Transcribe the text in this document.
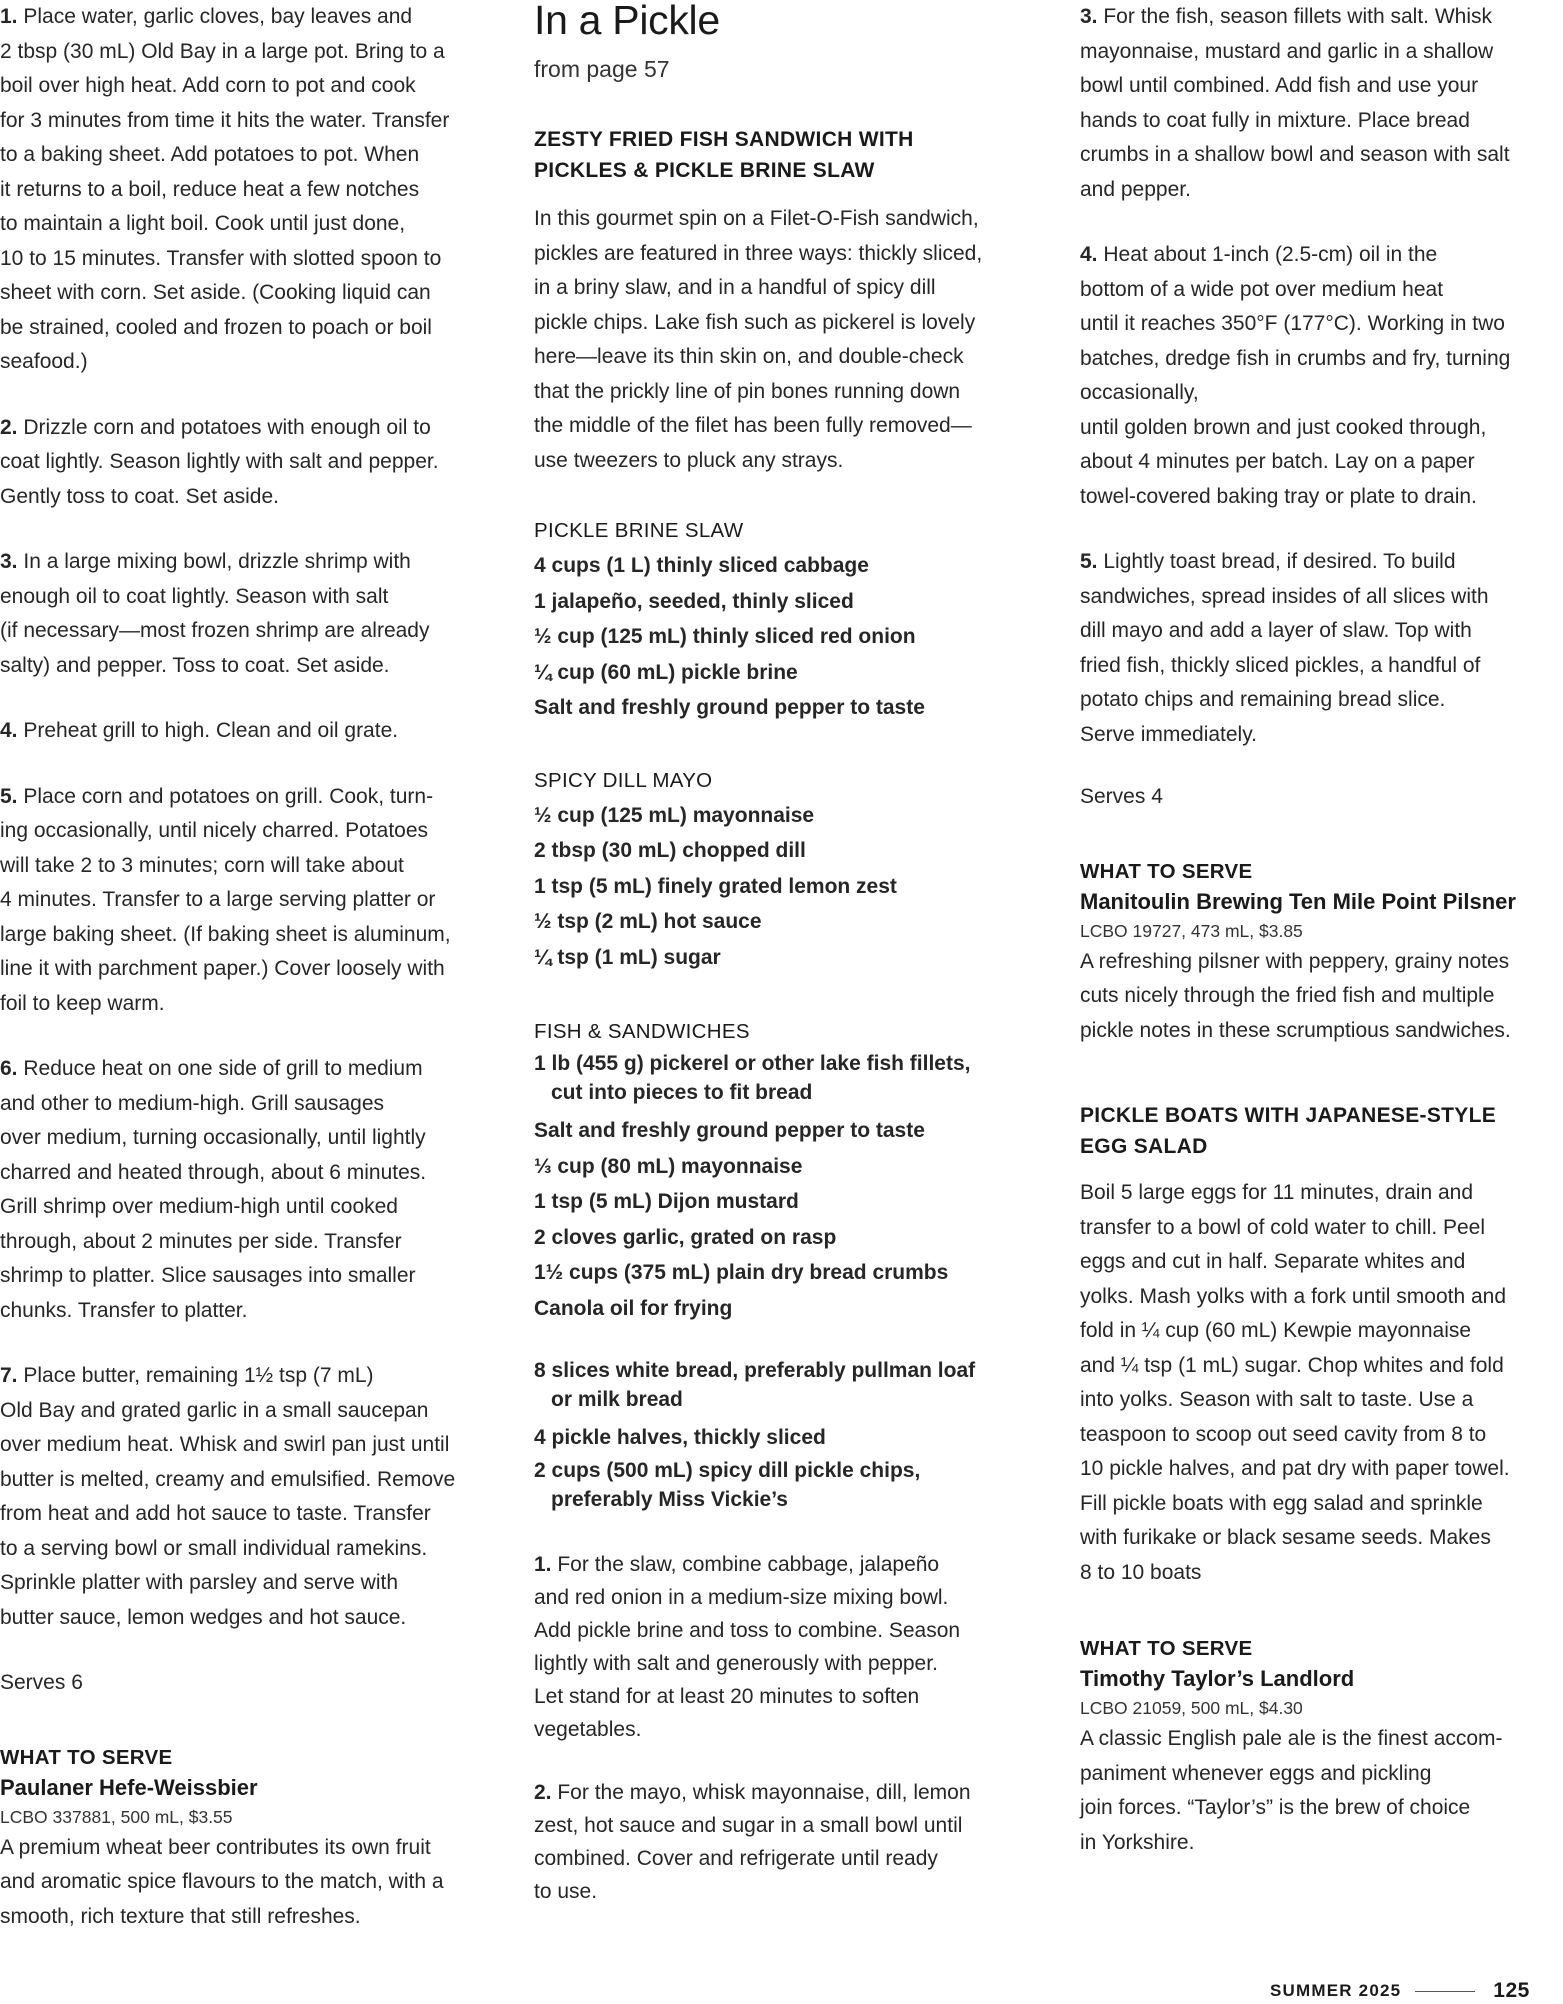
1. Place water, garlic cloves, bay leaves and
2 tbsp (30 mL) Old Bay in a large pot. Bring to a
boil over high heat. Add corn to pot and cook
for 3 minutes from time it hits the water. Transfer
to a baking sheet. Add potatoes to pot. When
it returns to a boil, reduce heat a few notches
to maintain a light boil. Cook until just done,
10 to 15 minutes. Transfer with slotted spoon to
sheet with corn. Set aside. (Cooking liquid can
be strained, cooled and frozen to poach or boil
seafood.)

2. Drizzle corn and potatoes with enough oil to
coat lightly. Season lightly with salt and pepper.
Gently toss to coat. Set aside.

3. In a large mixing bowl, drizzle shrimp with
enough oil to coat lightly. Season with salt
(if necessary—most frozen shrimp are already
salty) and pepper. Toss to coat. Set aside.

4. Preheat grill to high. Clean and oil grate.

5. Place corn and potatoes on grill. Cook, turn-
ing occasionally, until nicely charred. Potatoes
will take 2 to 3 minutes; corn will take about
4 minutes. Transfer to a large serving platter or
large baking sheet. (If baking sheet is aluminum,
line it with parchment paper.) Cover loosely with
foil to keep warm.

6. Reduce heat on one side of grill to medium
and other to medium-high. Grill sausages
over medium, turning occasionally, until lightly
charred and heated through, about 6 minutes.
Grill shrimp over medium-high until cooked
through, about 2 minutes per side. Transfer
shrimp to platter. Slice sausages into smaller
chunks. Transfer to platter.

7. Place butter, remaining 1½ tsp (7 mL)
Old Bay and grated garlic in a small saucepan
over medium heat. Whisk and swirl pan just until
butter is melted, creamy and emulsified. Remove
from heat and add hot sauce to taste. Transfer
to a serving bowl or small individual ramekins.
Sprinkle platter with parsley and serve with
butter sauce, lemon wedges and hot sauce.

Serves 6

WHAT TO SERVE

Paulaner Hefe-Weissbier

LCBO 337881, 500 mL, $3.55

A premium wheat beer contributes its own fruit
and aromatic spice flavours to the match, with a
smooth, rich texture that still refreshes.

In a Pickle

from page 57

ZESTY FRIED FISH SANDWICH WITH
PICKLES & PICKLE BRINE SLAW

In this gourmet spin on a Filet-O-Fish sandwich,
pickles are featured in three ways: thickly sliced,
in a briny slaw, and in a handful of spicy dill
pickle chips. Lake fish such as pickerel is lovely
here—leave its thin skin on, and double-check
that the prickly line of pin bones running down
the middle of the filet has been fully removed—
use tweezers to pluck any strays.

PICKLE BRINE SLAW

4 cups (1 L) thinly sliced cabbage

1 jalapeño, seeded, thinly sliced

½ cup (125 mL) thinly sliced red onion

¼ cup (60 mL) pickle brine

Salt and freshly ground pepper to taste

SPICY DILL MAYO

½ cup (125 mL) mayonnaise

2 tbsp (30 mL) chopped dill

1 tsp (5 mL) finely grated lemon zest

½ tsp (2 mL) hot sauce

¼ tsp (1 mL) sugar

FISH & SANDWICHES

1 lb (455 g) pickerel or other lake fish fillets,
cut into pieces to fit bread

Salt and freshly ground pepper to taste

⅓ cup (80 mL) mayonnaise

1 tsp (5 mL) Dijon mustard

2 cloves garlic, grated on rasp

1½ cups (375 mL) plain dry bread crumbs

Canola oil for frying

8 slices white bread, preferably pullman loaf
or milk bread

4 pickle halves, thickly sliced

2 cups (500 mL) spicy dill pickle chips,
preferably Miss Vickie’s

1. For the slaw, combine cabbage, jalapeño
and red onion in a medium-size mixing bowl.
Add pickle brine and toss to combine. Season
lightly with salt and generously with pepper.
Let stand for at least 20 minutes to soften
vegetables.

2. For the mayo, whisk mayonnaise, dill, lemon
zest, hot sauce and sugar in a small bowl until
combined. Cover and refrigerate until ready
to use.

3. For the fish, season fillets with salt. Whisk
mayonnaise, mustard and garlic in a shallow
bowl until combined. Add fish and use your
hands to coat fully in mixture. Place bread
crumbs in a shallow bowl and season with salt
and pepper.

4. Heat about 1-inch (2.5-cm) oil in the
bottom of a wide pot over medium heat
until it reaches 350°F (177°C). Working in two
batches, dredge fish in crumbs and fry, turning
occasionally,
until golden brown and just cooked through,
about 4 minutes per batch. Lay on a paper
towel-covered baking tray or plate to drain.

5. Lightly toast bread, if desired. To build
sandwiches, spread insides of all slices with
dill mayo and add a layer of slaw. Top with
fried fish, thickly sliced pickles, a handful of
potato chips and remaining bread slice.
Serve immediately.

Serves 4

WHAT TO SERVE

Manitoulin Brewing Ten Mile Point Pilsner

LCBO 19727, 473 mL, $3.85

A refreshing pilsner with peppery, grainy notes
cuts nicely through the fried fish and multiple
pickle notes in these scrumptious sandwiches.

PICKLE BOATS WITH JAPANESE-STYLE
EGG SALAD

Boil 5 large eggs for 11 minutes, drain and
transfer to a bowl of cold water to chill. Peel
eggs and cut in half. Separate whites and
yolks. Mash yolks with a fork until smooth and
fold in ¼ cup (60 mL) Kewpie mayonnaise
and ¼ tsp (1 mL) sugar. Chop whites and fold
into yolks. Season with salt to taste. Use a
teaspoon to scoop out seed cavity from 8 to
10 pickle halves, and pat dry with paper towel.
Fill pickle boats with egg salad and sprinkle
with furikake or black sesame seeds. Makes
8 to 10 boats

WHAT TO SERVE

Timothy Taylor’s Landlord

LCBO 21059, 500 mL, $4.30

A classic English pale ale is the finest accom-
paniment whenever eggs and pickling
join forces. “Taylor’s” is the brew of choice
in Yorkshire.

SUMMER 2025	125
